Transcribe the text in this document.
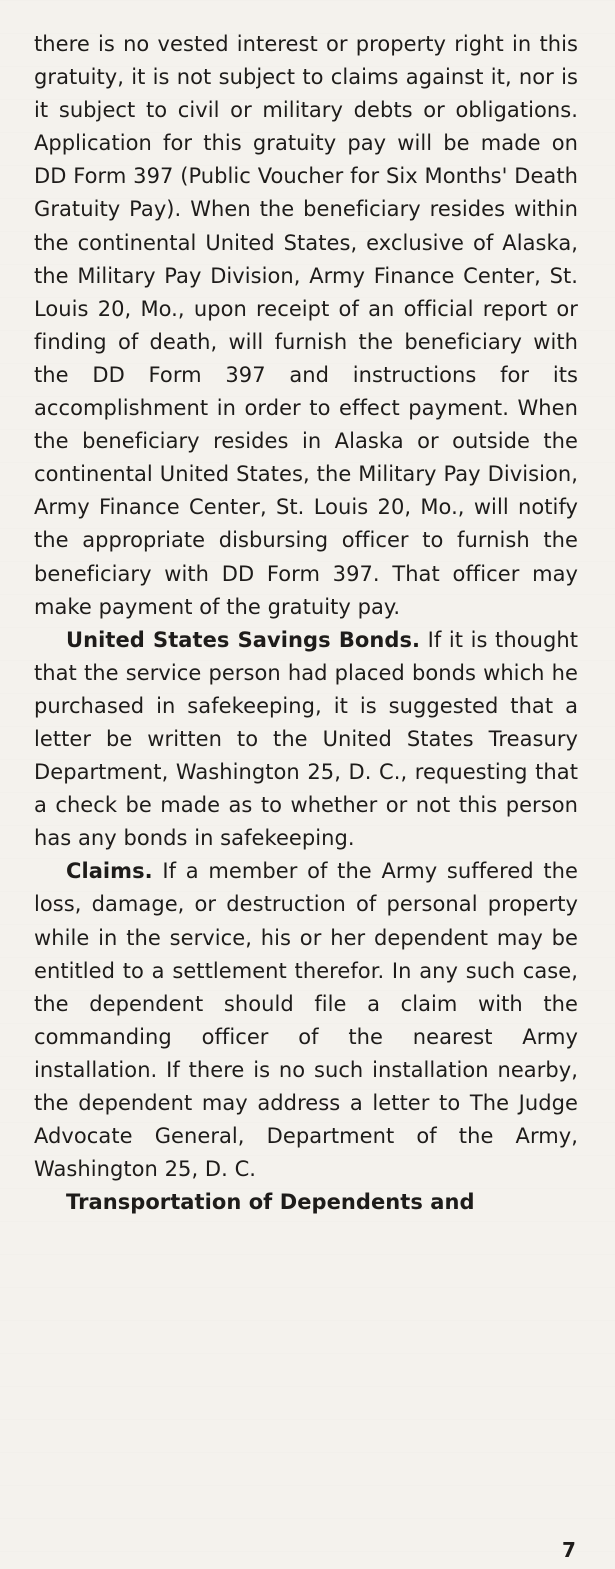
there is no vested interest or property right in this gratuity, it is not subject to claims against it, nor is it subject to civil or military debts or obligations. Application for this gratuity pay will be made on DD Form 397 (Public Voucher for Six Months' Death Gratuity Pay). When the beneficiary resides within the continental United States, exclusive of Alaska, the Military Pay Division, Army Finance Center, St. Louis 20, Mo., upon receipt of an official report or finding of death, will furnish the beneficiary with the DD Form 397 and instructions for its accomplishment in order to effect payment. When the beneficiary resides in Alaska or outside the continental United States, the Military Pay Division, Army Finance Center, St. Louis 20, Mo., will notify the appropriate disbursing officer to furnish the beneficiary with DD Form 397. That officer may make payment of the gratuity pay.

United States Savings Bonds. If it is thought that the service person had placed bonds which he purchased in safekeeping, it is suggested that a letter be written to the United States Treasury Department, Washington 25, D. C., requesting that a check be made as to whether or not this person has any bonds in safekeeping.

Claims. If a member of the Army suffered the loss, damage, or destruction of personal property while in the service, his or her dependent may be entitled to a settlement therefor. In any such case, the dependent should file a claim with the commanding officer of the nearest Army installation. If there is no such installation nearby, the dependent may address a letter to The Judge Advocate General, Department of the Army, Washington 25, D. C.

Transportation of Dependents and

7
